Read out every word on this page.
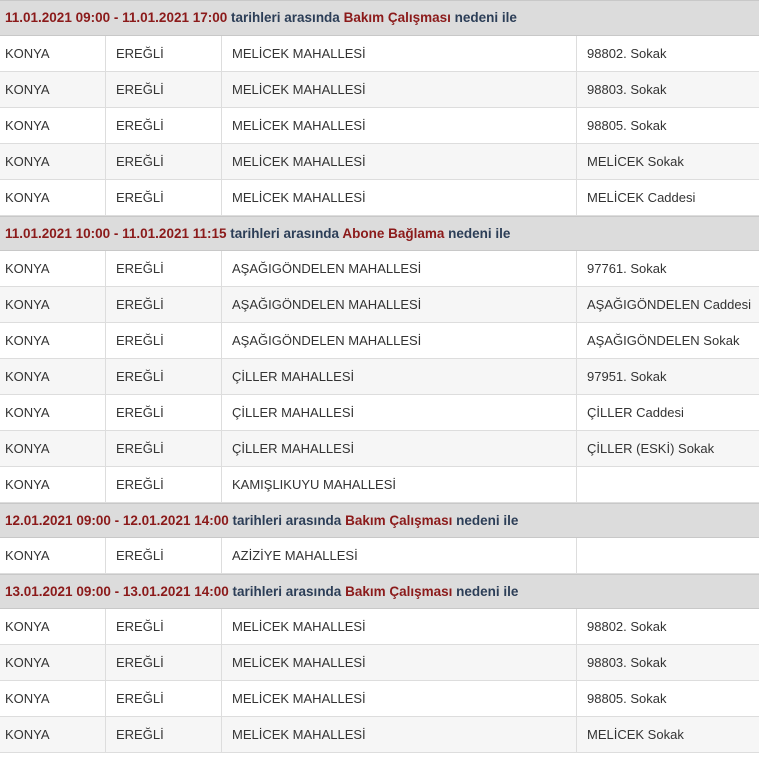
11.01.2021 09:00 - 11.01.2021 17:00 tarihleri arasında Bakım Çalışması nedeni ile
KONYA	EREĞLİ	MELİCEK MAHALLESİ	98802. Sokak
KONYA	EREĞLİ	MELİCEK MAHALLESİ	98803. Sokak
KONYA	EREĞLİ	MELİCEK MAHALLESİ	98805. Sokak
KONYA	EREĞLİ	MELİCEK MAHALLESİ	MELİCEK Sokak
KONYA	EREĞLİ	MELİCEK MAHALLESİ	MELİCEK Caddesi
11.01.2021 10:00 - 11.01.2021 11:15 tarihleri arasında Abone Bağlama nedeni ile
KONYA	EREĞLİ	AŞAĞIGÖNDELEN MAHALLESİ	97761. Sokak
KONYA	EREĞLİ	AŞAĞIGÖNDELEN MAHALLESİ	AŞAĞIGÖNDELEN Caddesi
KONYA	EREĞLİ	AŞAĞIGÖNDELEN MAHALLESİ	AŞAĞIGÖNDELEN Sokak
KONYA	EREĞLİ	ÇİLLER MAHALLESİ	97951. Sokak
KONYA	EREĞLİ	ÇİLLER MAHALLESİ	ÇİLLER Caddesi
KONYA	EREĞLİ	ÇİLLER MAHALLESİ	ÇİLLER (ESKİ) Sokak
KONYA	EREĞLİ	KAMIŞLIKUYU MAHALLESİ
12.01.2021 09:00 - 12.01.2021 14:00 tarihleri arasında Bakım Çalışması nedeni ile
KONYA	EREĞLİ	AZİZİYE MAHALLESİ
13.01.2021 09:00 - 13.01.2021 14:00 tarihleri arasında Bakım Çalışması nedeni ile
KONYA	EREĞLİ	MELİCEK MAHALLESİ	98802. Sokak
KONYA	EREĞLİ	MELİCEK MAHALLESİ	98803. Sokak
KONYA	EREĞLİ	MELİCEK MAHALLESİ	98805. Sokak
KONYA	EREĞLİ	MELİCEK MAHALLESİ	MELİCEK Sokak
